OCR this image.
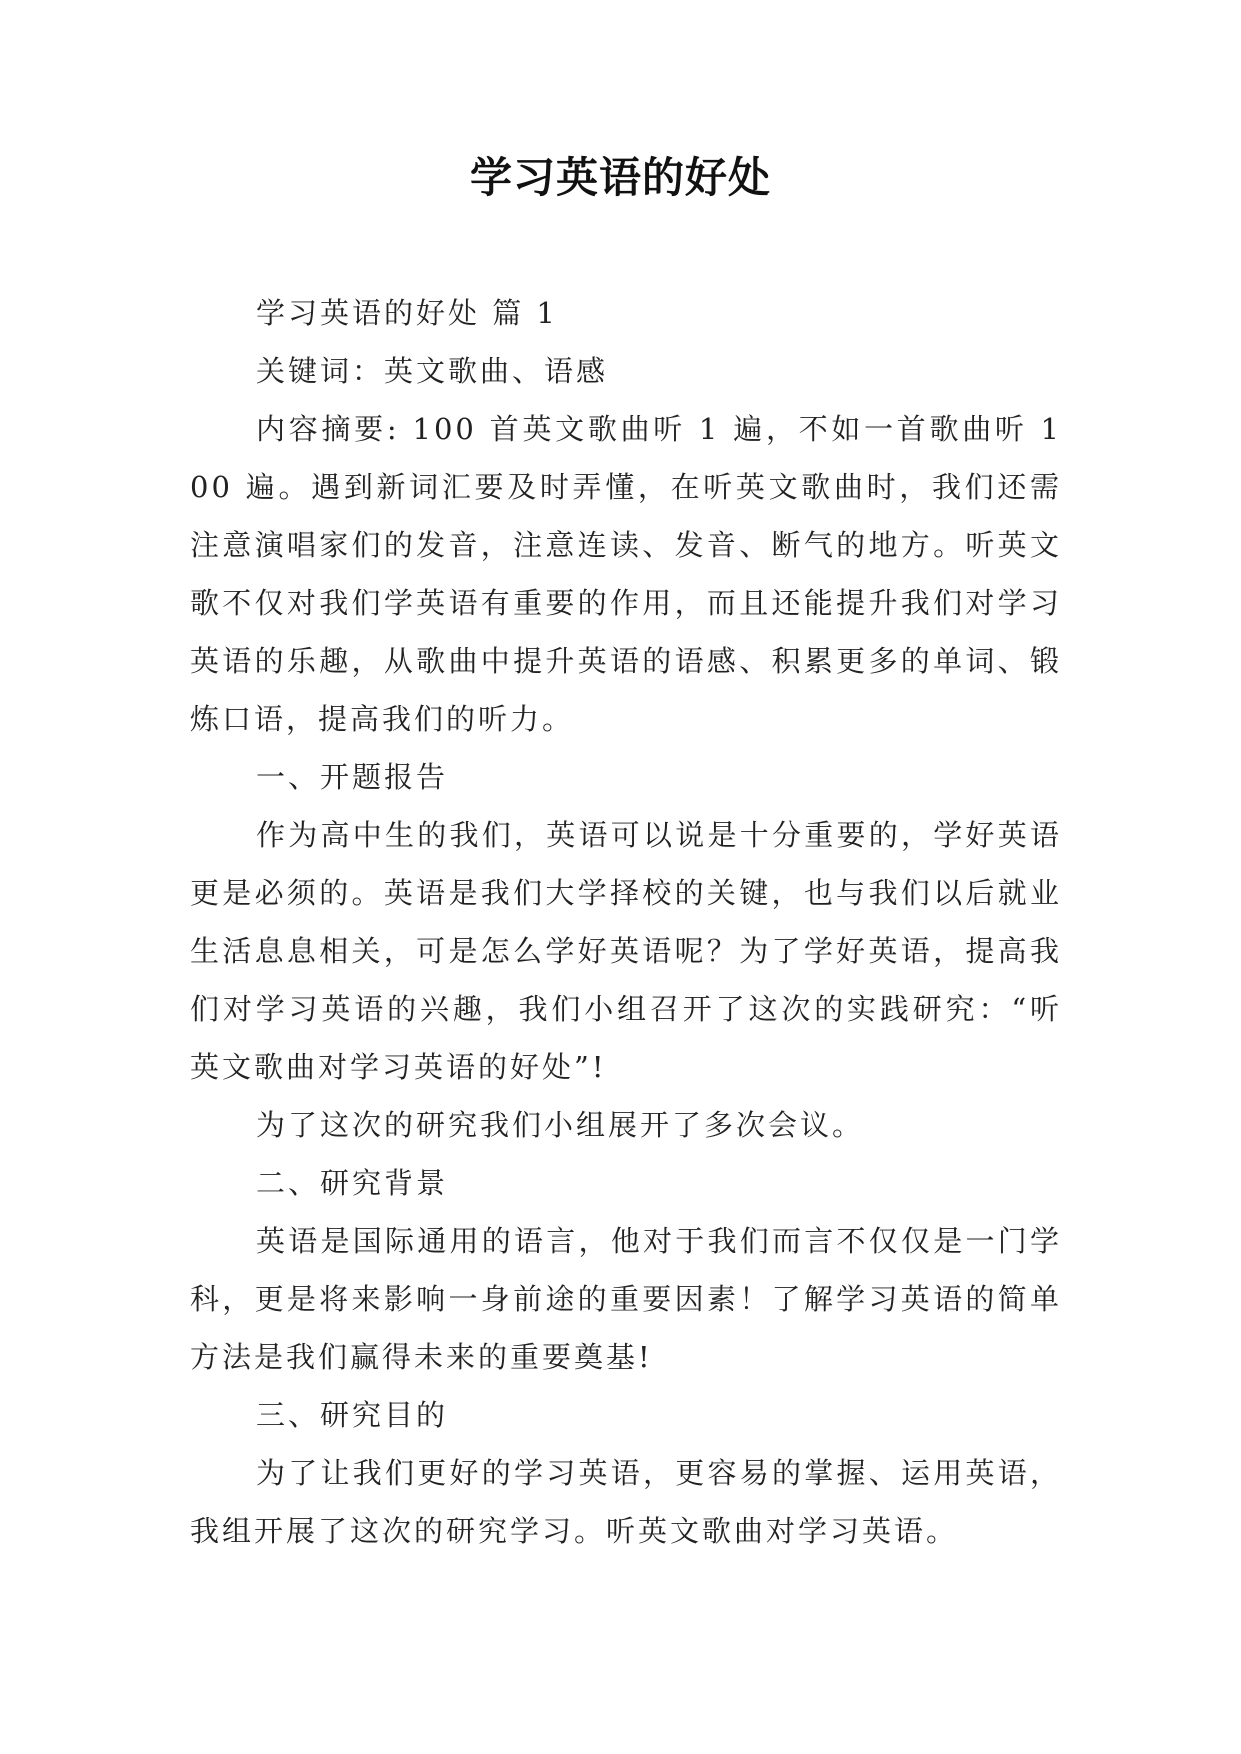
学习英语的好处

学习英语的好处 篇 1

关键词：英文歌曲、语感

内容摘要: 100 首英文歌曲听 1 遍，不如一首歌曲听 100 遍。遇到新词汇要及时弄懂，在听英文歌曲时，我们还需注意演唱家们的发音，注意连读、发音、断气的地方。听英文歌不仅对我们学英语有重要的作用，而且还能提升我们对学习英语的乐趣，从歌曲中提升英语的语感、积累更多的单词、锻炼口语，提高我们的听力。

一、开题报告

作为高中生的我们，英语可以说是十分重要的，学好英语更是必须的。英语是我们大学择校的关键，也与我们以后就业生活息息相关，可是怎么学好英语呢？为了学好英语，提高我们对学习英语的兴趣，我们小组召开了这次的实践研究：“听英文歌曲对学习英语的好处”!

为了这次的研究我们小组展开了多次会议。

二、研究背景

英语是国际通用的语言，他对于我们而言不仅仅是一门学科，更是将来影响一身前途的重要因素！了解学习英语的简单方法是我们赢得未来的重要奠基!

三、研究目的

为了让我们更好的学习英语，更容易的掌握、运用英语，我组开展了这次的研究学习。听英文歌曲对学习英语。
